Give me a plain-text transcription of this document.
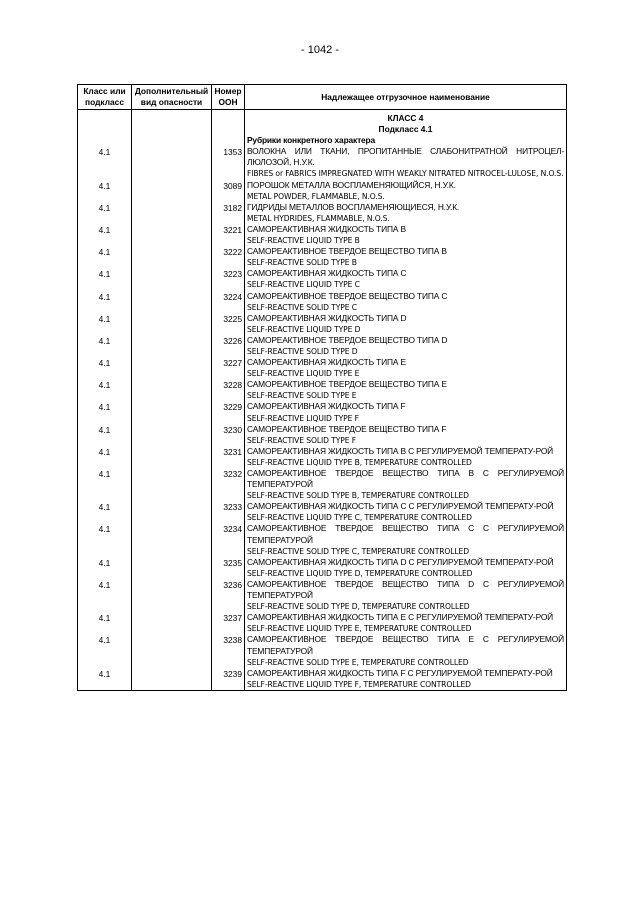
- 1042 -
Класс или подкласс	Дополнительный вид опасности	Номер ООН	Надлежащее отгрузочное наименование
			КЛАСС 4
			Подкласс 4.1
			Рубрики конкретного характера
4.1		1353	ВОЛОКНА ИЛИ ТКАНИ, ПРОПИТАННЫЕ СЛАБОНИТРАТНОЙ НИТРОЦЕЛ-ЛЮЛОЗОЙ, Н.У.К.
FIBRES or FABRICS IMPREGNATED WITH WEAKLY NITRATED NITROCEL-LULOSE, N.O.S.

4.1		3089	ПОРОШОК МЕТАЛЛА ВОСПЛАМЕНЯЮЩИЙСЯ, Н.У.К.
METAL POWDER, FLAMMABLE, N.O.S.

4.1		3182	ГИДРИДЫ МЕТАЛЛОВ ВОСПЛАМЕНЯЮЩИЕСЯ, Н.У.К.
METAL HYDRIDES, FLAMMABLE, N.O.S.

4.1		3221	САМОРЕАКТИВНАЯ ЖИДКОСТЬ ТИПА B
SELF-REACTIVE LIQUID TYPE B

4.1		3222	САМОРЕАКТИВНОЕ ТВЕРДОЕ ВЕЩЕСТВО ТИПА B
SELF-REACTIVE SOLID TYPE B

4.1		3223	САМОРЕАКТИВНАЯ ЖИДКОСТЬ ТИПА C
SELF-REACTIVE LIQUID TYPE C

4.1		3224	САМОРЕАКТИВНОЕ ТВЕРДОЕ ВЕЩЕСТВО ТИПА C
SELF-REACTIVE SOLID TYPE C

4.1		3225	САМОРЕАКТИВНАЯ ЖИДКОСТЬ ТИПА D
SELF-REACTIVE LIQUID TYPE D

4.1		3226	САМОРЕАКТИВНОЕ ТВЕРДОЕ ВЕЩЕСТВО ТИПА D
SELF-REACTIVE SOLID TYPE D

4.1		3227	САМОРЕАКТИВНАЯ ЖИДКОСТЬ ТИПА E
SELF-REACTIVE LIQUID TYPE E

4.1		3228	САМОРЕАКТИВНОЕ ТВЕРДОЕ ВЕЩЕСТВО ТИПА E
SELF-REACTIVE SOLID TYPE E

4.1		3229	САМОРЕАКТИВНАЯ ЖИДКОСТЬ ТИПА F
SELF-REACTIVE LIQUID TYPE F

4.1		3230	САМОРЕАКТИВНОЕ ТВЕРДОЕ ВЕЩЕСТВО ТИПА F
SELF-REACTIVE SOLID TYPE F

4.1		3231	САМОРЕАКТИВНАЯ ЖИДКОСТЬ ТИПА B С РЕГУЛИРУЕМОЙ ТЕМПЕРАТУ-РОЙ
SELF-REACTIVE LIQUID TYPE B, TEMPERATURE CONTROLLED

4.1		3232	САМОРЕАКТИВНОЕ ТВЕРДОЕ ВЕЩЕСТВО ТИПА B С РЕГУЛИРУЕМОЙ ТЕМПЕРАТУРОЙ
SELF-REACTIVE SOLID TYPE B, TEMPERATURE CONTROLLED

4.1		3233	САМОРЕАКТИВНАЯ ЖИДКОСТЬ ТИПА C С РЕГУЛИРУЕМОЙ ТЕМПЕРАТУ-РОЙ
SELF-REACTIVE LIQUID TYPE C, TEMPERATURE CONTROLLED

4.1		3234	САМОРЕАКТИВНОЕ ТВЕРДОЕ ВЕЩЕСТВО ТИПА C С РЕГУЛИРУЕМОЙ ТЕМПЕРАТУРОЙ
SELF-REACTIVE SOLID TYPE C, TEMPERATURE CONTROLLED

4.1		3235	САМОРЕАКТИВНАЯ ЖИДКОСТЬ ТИПА D С РЕГУЛИРУЕМОЙ ТЕМПЕРАТУ-РОЙ
SELF-REACTIVE LIQUID TYPE D, TEMPERATURE CONTROLLED

4.1		3236	САМОРЕАКТИВНОЕ ТВЕРДОЕ ВЕЩЕСТВО ТИПА D С РЕГУЛИРУЕМОЙ ТЕМПЕРАТУРОЙ
SELF-REACTIVE SOLID TYPE D, TEMPERATURE CONTROLLED

4.1		3237	САМОРЕАКТИВНАЯ ЖИДКОСТЬ ТИПА E С РЕГУЛИРУЕМОЙ ТЕМПЕРАТУ-РОЙ
SELF-REACTIVE LIQUID TYPE E, TEMPERATURE CONTROLLED

4.1		3238	САМОРЕАКТИВНОЕ ТВЕРДОЕ ВЕЩЕСТВО ТИПА E С РЕГУЛИРУЕМОЙ ТЕМПЕРАТУРОЙ
SELF-REACTIVE SOLID TYPE E, TEMPERATURE CONTROLLED

4.1		3239	САМОРЕАКТИВНАЯ ЖИДКОСТЬ ТИПА F С РЕГУЛИРУЕМОЙ ТЕМПЕРАТУ-РОЙ
SELF-REACTIVE LIQUID TYPE F, TEMPERATURE CONTROLLED
